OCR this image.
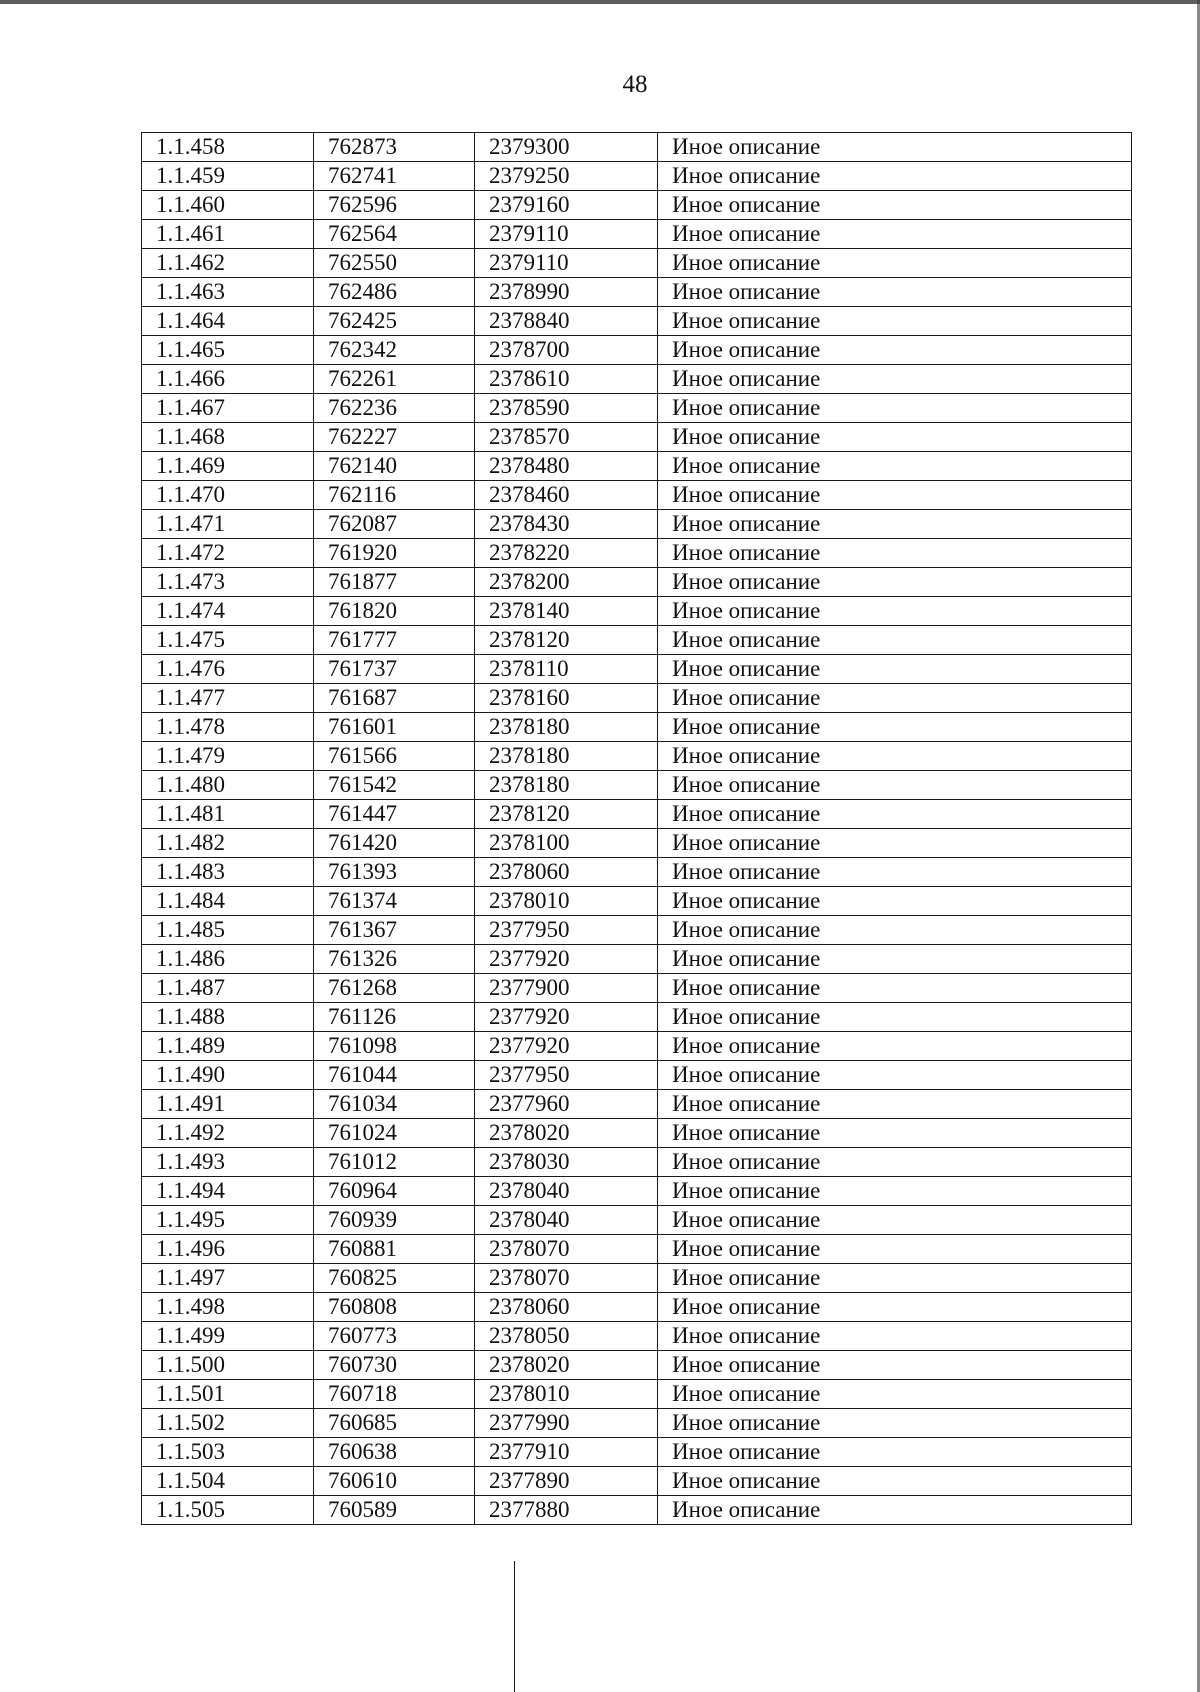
48
1.1.458	762873	2379300	Иное описание
1.1.459	762741	2379250	Иное описание
1.1.460	762596	2379160	Иное описание
1.1.461	762564	2379110	Иное описание
1.1.462	762550	2379110	Иное описание
1.1.463	762486	2378990	Иное описание
1.1.464	762425	2378840	Иное описание
1.1.465	762342	2378700	Иное описание
1.1.466	762261	2378610	Иное описание
1.1.467	762236	2378590	Иное описание
1.1.468	762227	2378570	Иное описание
1.1.469	762140	2378480	Иное описание
1.1.470	762116	2378460	Иное описание
1.1.471	762087	2378430	Иное описание
1.1.472	761920	2378220	Иное описание
1.1.473	761877	2378200	Иное описание
1.1.474	761820	2378140	Иное описание
1.1.475	761777	2378120	Иное описание
1.1.476	761737	2378110	Иное описание
1.1.477	761687	2378160	Иное описание
1.1.478	761601	2378180	Иное описание
1.1.479	761566	2378180	Иное описание
1.1.480	761542	2378180	Иное описание
1.1.481	761447	2378120	Иное описание
1.1.482	761420	2378100	Иное описание
1.1.483	761393	2378060	Иное описание
1.1.484	761374	2378010	Иное описание
1.1.485	761367	2377950	Иное описание
1.1.486	761326	2377920	Иное описание
1.1.487	761268	2377900	Иное описание
1.1.488	761126	2377920	Иное описание
1.1.489	761098	2377920	Иное описание
1.1.490	761044	2377950	Иное описание
1.1.491	761034	2377960	Иное описание
1.1.492	761024	2378020	Иное описание
1.1.493	761012	2378030	Иное описание
1.1.494	760964	2378040	Иное описание
1.1.495	760939	2378040	Иное описание
1.1.496	760881	2378070	Иное описание
1.1.497	760825	2378070	Иное описание
1.1.498	760808	2378060	Иное описание
1.1.499	760773	2378050	Иное описание
1.1.500	760730	2378020	Иное описание
1.1.501	760718	2378010	Иное описание
1.1.502	760685	2377990	Иное описание
1.1.503	760638	2377910	Иное описание
1.1.504	760610	2377890	Иное описание
1.1.505	760589	2377880	Иное описание
